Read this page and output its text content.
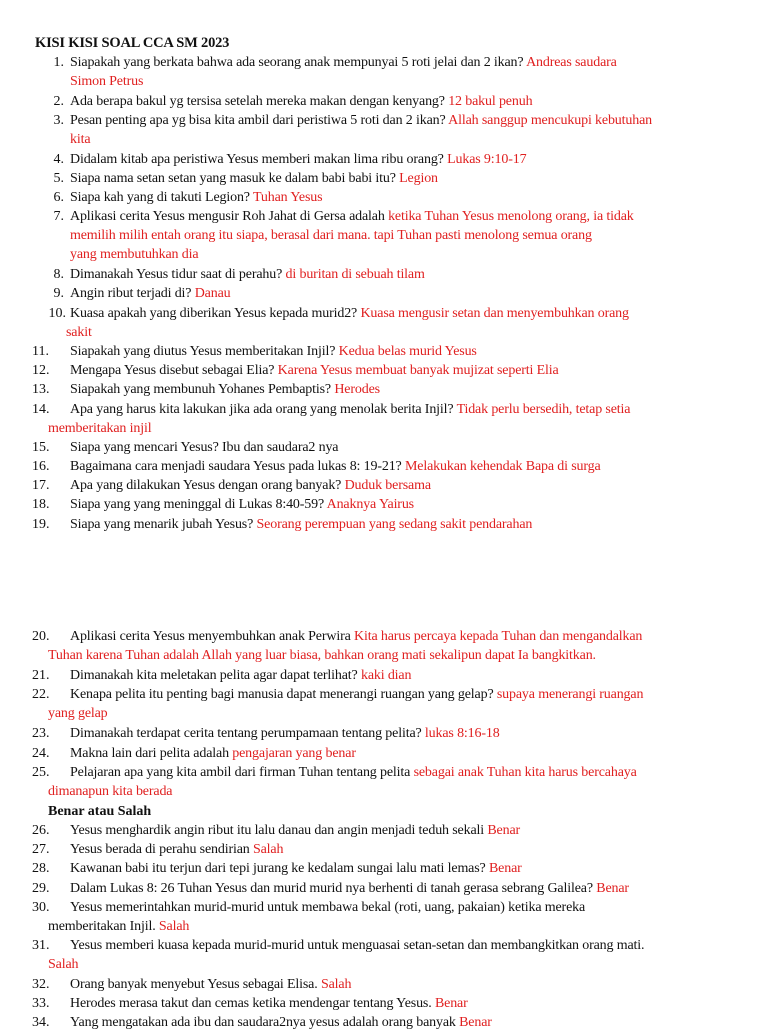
KISI KISI SOAL CCA SM 2023
Benar atau Salah
1. Siapakah yang berkata bahwa ada seorang anak mempunyai 5 roti jelai dan 2 ikan? Andreas saudara
Simon Petrus
2. Ada berapa bakul yg tersisa setelah mereka makan dengan kenyang? 12 bakul penuh
3. Pesan penting apa yg bisa kita ambil dari peristiwa 5 roti dan 2 ikan? Allah sanggup mencukupi kebutuhan
kita
4. Didalam kitab apa peristiwa Yesus memberi makan lima ribu orang? Lukas 9:10-17
5. Siapa nama setan setan yang masuk ke dalam babi babi itu? Legion
6. Siapa kah yang di takuti Legion? Tuhan Yesus
7. Aplikasi cerita Yesus mengusir Roh Jahat di Gersa adalah ketika Tuhan Yesus menolong orang, ia tidak
memilih milih entah orang itu siapa, berasal dari mana. tapi Tuhan pasti menolong semua orang
yang membutuhkan dia
8. Dimanakah Yesus tidur saat di perahu? di buritan di sebuah tilam
9. Angin ribut terjadi di? Danau
10. Kuasa apakah yang diberikan Yesus kepada murid2? Kuasa mengusir setan dan menyembuhkan orang
sakit
11. Siapakah yang diutus Yesus memberitakan Injil? Kedua belas murid Yesus
12. Mengapa Yesus disebut sebagai Elia? Karena Yesus membuat banyak mujizat seperti Elia
13. Siapakah yang membunuh Yohanes Pembaptis? Herodes
14. Apa yang harus kita lakukan jika ada orang yang menolak berita Injil? Tidak perlu bersedih, tetap setia
memberitakan injil
15. Siapa yang mencari Yesus? Ibu dan saudara2 nya
16. Bagaimana cara menjadi saudara Yesus pada lukas 8: 19-21? Melakukan kehendak Bapa di surga
17. Apa yang dilakukan Yesus dengan orang banyak? Duduk bersama
18. Siapa yang yang meninggal di Lukas 8:40-59? Anaknya Yairus
19. Siapa yang menarik jubah Yesus? Seorang perempuan yang sedang sakit pendarahan
20. Aplikasi cerita Yesus menyembuhkan anak Perwira Kita harus percaya kepada Tuhan dan mengandalkan
Tuhan karena Tuhan adalah Allah yang luar biasa, bahkan orang mati sekalipun dapat Ia bangkitkan.
21. Dimanakah kita meletakan pelita agar dapat terlihat? kaki dian
22. Kenapa pelita itu penting bagi manusia dapat menerangi ruangan yang gelap? supaya menerangi ruangan
yang gelap
23. Dimanakah terdapat cerita tentang perumpamaan tentang pelita? lukas 8:16-18
24. Makna lain dari pelita adalah pengajaran yang benar
25. Pelajaran apa yang kita ambil dari firman Tuhan tentang pelita sebagai anak Tuhan kita harus bercahaya
dimanapun kita berada
26. Yesus menghardik angin ribut itu lalu danau dan angin menjadi teduh sekali Benar
27. Yesus berada di perahu sendirian Salah
28. Kawanan babi itu terjun dari tepi jurang ke kedalam sungai lalu mati lemas? Benar
29. Dalam Lukas 8: 26 Tuhan Yesus dan murid murid nya berhenti di tanah gerasa sebrang Galilea? Benar
30. Yesus memerintahkan murid-murid untuk membawa bekal (roti, uang, pakaian) ketika mereka
memberitakan Injil. Salah
31. Yesus memberi kuasa kepada murid-murid untuk menguasai setan-setan dan membangkitkan orang mati.
Salah
32. Orang banyak menyebut Yesus sebagai Elisa. Salah
33. Herodes merasa takut dan cemas ketika mendengar tentang Yesus. Benar
34. Yang mengatakan ada ibu dan saudara2nya yesus adalah orang banyak Benar
